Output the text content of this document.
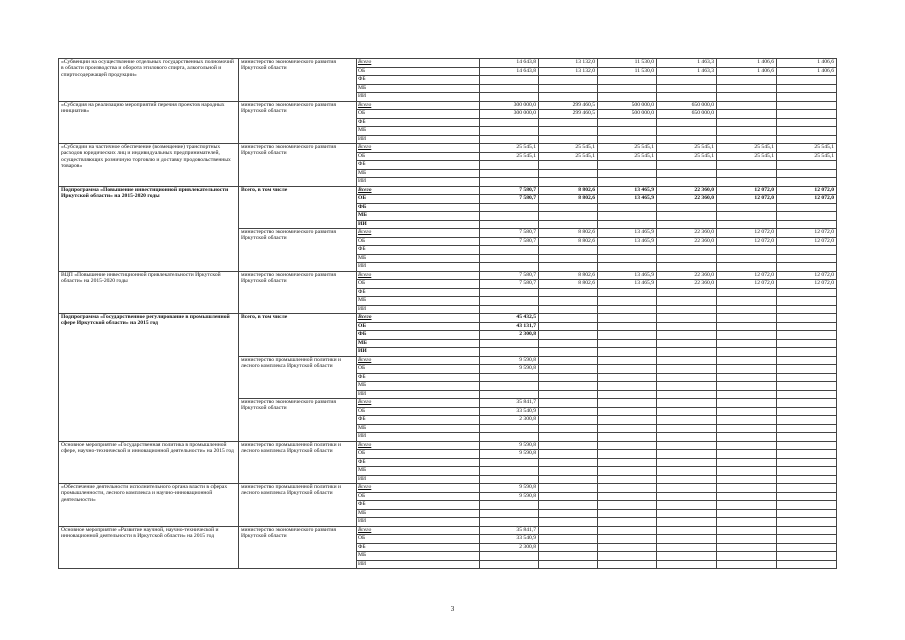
«Субвенции на осуществление отдельных государственных полномочий в области производства и оборота этилового спирта, алкогольной и спиртосодержащей продукции»	министерство экономического развития Иркутской области	Всего	14 643,8	13 132,0	11 530,0	1 463,3	1 406,6	1 406,6
		ОБ	14 643,8	13 132,0	11 530,0	1 463,3	1 406,6	1 406,6
		ФБ						
		МБ						
		ИИ						
«Субсидия на реализацию мероприятий перечня проектов народных инициатив»	министерство экономического развития Иркутской области	Всего	300 000,0	299 460,5	500 000,0	650 000,0		
		ОБ	300 000,0	299 460,5	500 000,0	650 000,0		
		ФБ						
		МБ						
		ИИ						
«Субсидии на частичное обеспечение (возмещение) транспортных расходов юридических лиц и индивидуальных предпринимателей, осуществляющих розничную торговлю и доставку продовольственных товаров»	министерство экономического развития Иркутской области	Всего	25 545,1	25 545,1	25 545,1	25 545,1	25 545,1	25 545,1
		ОБ	25 545,1	25 545,1	25 545,1	25 545,1	25 545,1	25 545,1
		ФБ						
		МБ						
		ИИ						
Подпрограмма «Повышение инвестиционной привлекательности Иркутской области» на 2015-2020 годы	Всего, в том числе	Всего	7 580,7	8 802,6	13 465,9	22 360,0	12 072,0	12 072,0
		ОБ	7 580,7	8 802,6	13 465,9	22 360,0	12 072,0	12 072,0
		ФБ						
		МБ						
		ИИ						
	министерство экономического развития Иркутской области	Всего	7 580,7	8 802,6	13 465,9	22 360,0	12 072,0	12 072,0
		ОБ	7 580,7	8 802,6	13 465,9	22 360,0	12 072,0	12 072,0
		ФБ						
		МБ						
		ИИ						
ВЦП «Повышение инвестиционной привлекательности Иркутской области» на 2015-2020 годы	министерство экономического развития Иркутской области	Всего	7 580,7	8 802,6	13 465,9	22 360,0	12 072,0	12 072,0
		ОБ	7 580,7	8 802,6	13 465,9	22 360,0	12 072,0	12 072,0
		ФБ						
		МБ						
		ИИ						
Подпрограмма «Государственное регулирование в промышленной сфере Иркутской области» на 2015 год	Всего, в том числе	Всего	45 432,5					
		ОБ	43 131,7					
		ФБ	2 300,8					
		МБ						
		ИИ						
	министерство промышленной политики и лесного комплекса Иркутской области	Всего	9 590,8					
		ОБ	9 590,8					
		ФБ						
		МБ						
		ИИ						
	министерство экономического развития Иркутской области	Всего	35 841,7					
		ОБ	33 540,9					
		ФБ	2 300,8					
		МБ						
		ИИ						
Основное мероприятие «Государственная политика в промышленной сфере, научно-технической и инновационной деятельности» на 2015 год	министерство промышленной политики и лесного комплекса Иркутской области	Всего	9 590,8					
		ОБ	9 590,8					
		ФБ						
		МБ						
		ИИ						
«Обеспечение деятельности исполнительного органа власти в сферах промышленности, лесного комплекса и научно-инновационной деятельности»	министерство промышленной политики и лесного комплекса Иркутской области	Всего	9 590,8					
		ОБ	9 590,8					
		ФБ						
		МБ						
		ИИ						
Основное мероприятие «Развитие научной, научно-технической и инновационной деятельности в Иркутской области» на 2015 год	министерство экономического развития Иркутской области	Всего	35 841,7					
		ОБ	33 540,9					
		ФБ	2 300,8					
		МБ						
		ИИ						
3
